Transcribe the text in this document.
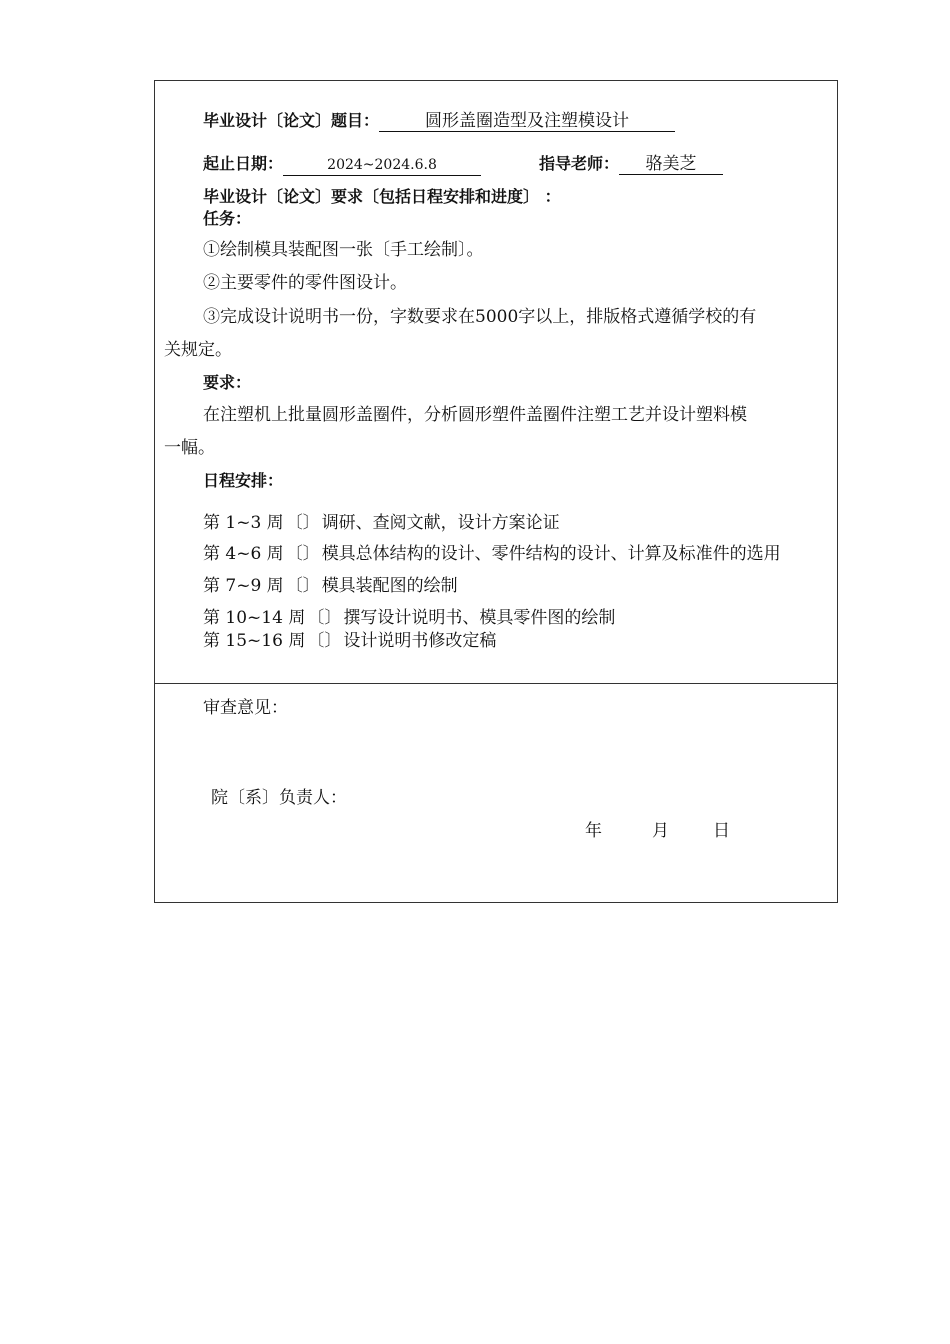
毕业设计〔论文〕题目：	圆形盖圈造型及注塑模设计
起止日期：	2024~2024.6.8	指导老师： 骆美芝
毕业设计〔论文〕要求〔包括日程安排和进度〕 ：
任务：
①绘制模具装配图一张〔手工绘制〕。
②主要零件的零件图设计。
③完成设计说明书一份，字数要求在5000字以上，排版格式遵循学校的有
关规定。
要求：
在注塑机上批量圆形盖圈件，分析圆形塑件盖圈件注塑工艺并设计塑料模
一幅。
日程安排：
第 1~3 周 〔〕 调研、查阅文献，设计方案论证
第 4~6 周 〔〕 模具总体结构的设计、零件结构的设计、计算及标准件的选用
第 7~9 周 〔〕 模具装配图的绘制
第 10~14 周 〔〕 撰写设计说明书、模具零件图的绘制
第 15~16 周 〔〕 设计说明书修改定稿
审查意见：
院〔系〕负责人：
年	月	日
